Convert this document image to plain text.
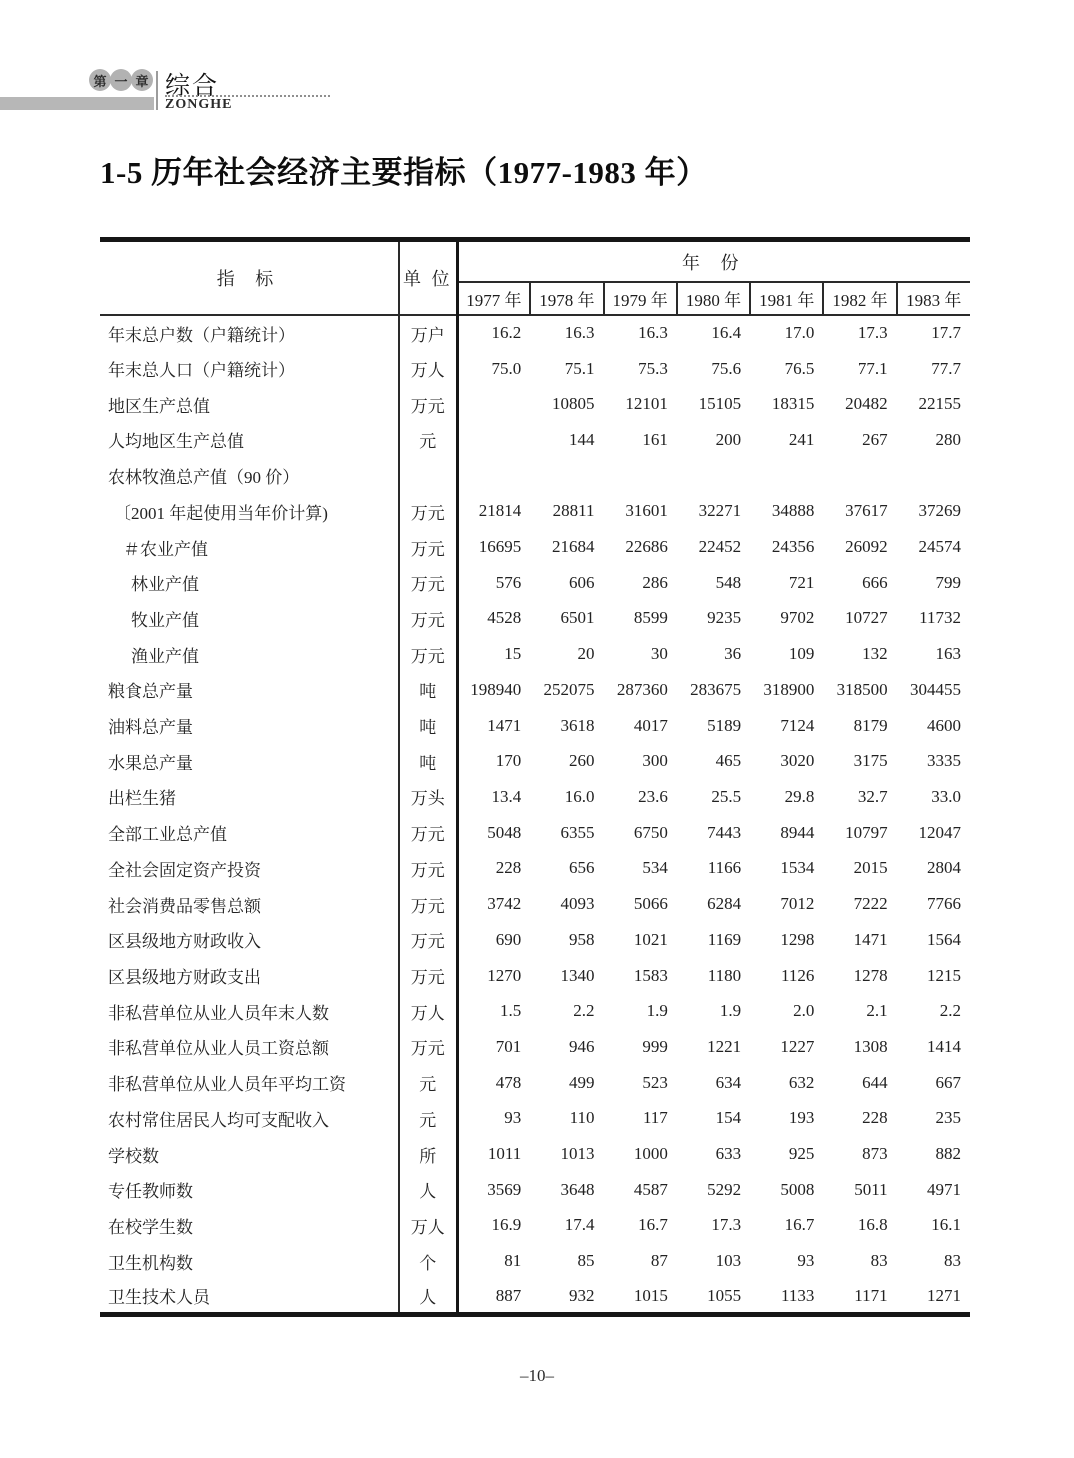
第 一 章 综合
ZONGHE
1-5 历年社会经济主要指标（1977-1983 年）
指 标	单 位	年 份						
		1977 年	1978 年	1979 年	1980 年	1981 年	1982 年	1983 年
年末总户数（户籍统计）	万户	16.2	16.3	16.3	16.4	17.0	17.3	17.7
年末总人口（户籍统计）	万人	75.0	75.1	75.3	75.6	76.5	77.1	77.7
地区生产总值	万元		10805	12101	15105	18315	20482	22155
人均地区生产总值	元		144	161	200	241	267	280
农林牧渔总产值（90 价）								
〔2001 年起使用当年价计算)	万元	21814	28811	31601	32271	34888	37617	37269
＃农业产值	万元	16695	21684	22686	22452	24356	26092	24574
林业产值	万元	576	606	286	548	721	666	799
牧业产值	万元	4528	6501	8599	9235	9702	10727	11732
渔业产值	万元	15	20	30	36	109	132	163
粮食总产量	吨	198940	252075	287360	283675	318900	318500	304455
油料总产量	吨	1471	3618	4017	5189	7124	8179	4600
水果总产量	吨	170	260	300	465	3020	3175	3335
出栏生猪	万头	13.4	16.0	23.6	25.5	29.8	32.7	33.0
全部工业总产值	万元	5048	6355	6750	7443	8944	10797	12047
全社会固定资产投资	万元	228	656	534	1166	1534	2015	2804
社会消费品零售总额	万元	3742	4093	5066	6284	7012	7222	7766
区县级地方财政收入	万元	690	958	1021	1169	1298	1471	1564
区县级地方财政支出	万元	1270	1340	1583	1180	1126	1278	1215
非私营单位从业人员年末人数	万人	1.5	2.2	1.9	1.9	2.0	2.1	2.2
非私营单位从业人员工资总额	万元	701	946	999	1221	1227	1308	1414
非私营单位从业人员年平均工资	元	478	499	523	634	632	644	667
农村常住居民人均可支配收入	元	93	110	117	154	193	228	235
学校数	所	1011	1013	1000	633	925	873	882
专任教师数	人	3569	3648	4587	5292	5008	5011	4971
在校学生数	万人	16.9	17.4	16.7	17.3	16.7	16.8	16.1
卫生机构数	个	81	85	87	103	93	83	83
卫生技术人员	人	887	932	1015	1055	1133	1171	1271
–10–
